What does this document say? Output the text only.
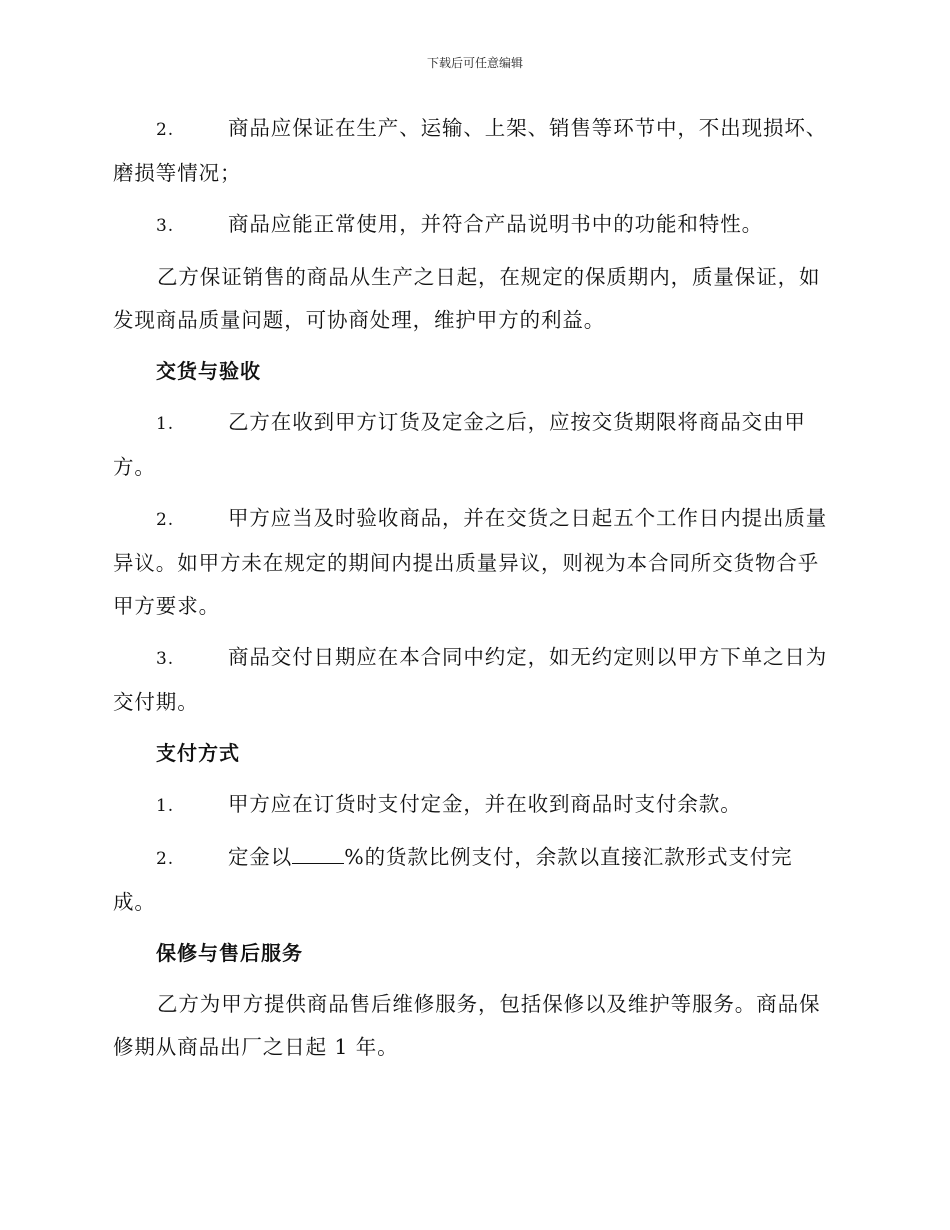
下载后可任意编辑

2.	商品应保证在生产、运输、上架、销售等环节中，不出现损坏、磨损等情况；

3.	商品应能正常使用，并符合产品说明书中的功能和特性。

乙方保证销售的商品从生产之日起，在规定的保质期内，质量保证，如发现商品质量问题，可协商处理，维护甲方的利益。

交货与验收

1.	乙方在收到甲方订货及定金之后，应按交货期限将商品交由甲方。

2.	甲方应当及时验收商品，并在交货之日起五个工作日内提出质量异议。如甲方未在规定的期间内提出质量异议，则视为本合同所交货物合乎甲方要求。

3.	商品交付日期应在本合同中约定，如无约定则以甲方下单之日为交付期。

支付方式

1.	甲方应在订货时支付定金，并在收到商品时支付余款。

2.	定金以	%的货款比例支付，余款以直接汇款形式支付完成。

保修与售后服务

乙方为甲方提供商品售后维修服务，包括保修以及维护等服务。商品保修期从商品出厂之日起 1 年。
